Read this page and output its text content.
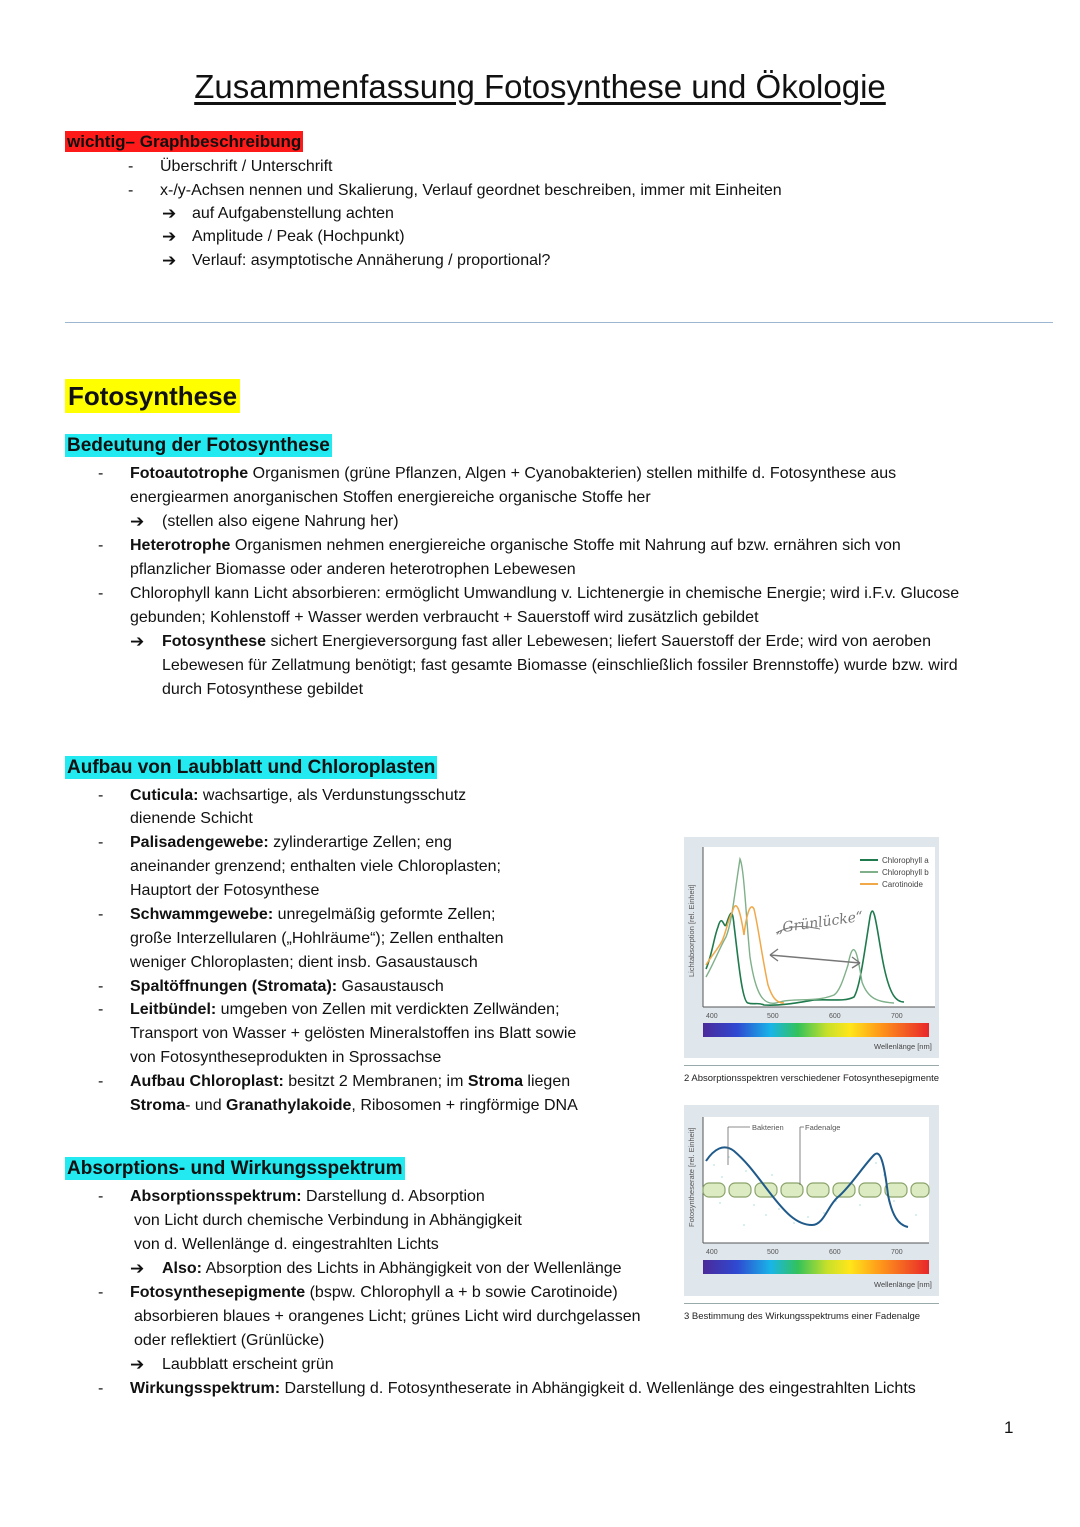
Zusammenfassung Fotosynthese und Ökologie
wichtig– Graphbeschreibung
- Überschrift / Unterschrift
- x-/y-Achsen nennen und Skalierung, Verlauf geordnet beschreiben, immer mit Einheiten
➔ auf Aufgabenstellung achten
➔ Amplitude / Peak (Hochpunkt)
➔ Verlauf: asymptotische Annäherung / proportional?
Fotosynthese
Bedeutung der Fotosynthese
- Fotoautotrophe Organismen (grüne Pflanzen, Algen + Cyanobakterien) stellen mithilfe d. Fotosynthese aus
energiearmen anorganischen Stoffen energiereiche organische Stoffe her
➔ (stellen also eigene Nahrung her)
- Heterotrophe Organismen nehmen energiereiche organische Stoffe mit Nahrung auf bzw. ernähren sich von
pflanzlicher Biomasse oder anderen heterotrophen Lebewesen
- Chlorophyll kann Licht absorbieren: ermöglicht Umwandlung v. Lichtenergie in chemische Energie; wird i.F.v. Glucose
gebunden; Kohlenstoff + Wasser werden verbraucht + Sauerstoff wird zusätzlich gebildet
➔ Fotosynthese sichert Energieversorgung fast aller Lebewesen; liefert Sauerstoff der Erde; wird von aeroben
Lebewesen für Zellatmung benötigt; fast gesamte Biomasse (einschließlich fossiler Brennstoffe) wurde bzw. wird
durch Fotosynthese gebildet
Aufbau von Laubblatt und Chloroplasten
- Cuticula: wachsartige, als Verdunstungsschutz
dienende Schicht
- Palisadengewebe: zylinderartige Zellen; eng
aneinander grenzend; enthalten viele Chloroplasten;
Hauptort der Fotosynthese
- Schwammgewebe: unregelmäßig geformte Zellen;
große Interzellularen („Hohlräume“); Zellen enthalten
weniger Chloroplasten; dient insb. Gasaustausch
- Spaltöffnungen (Stromata): Gasaustausch
- Leitbündel: umgeben von Zellen mit verdickten Zellwänden;
Transport von Wasser + gelösten Mineralstoffen ins Blatt sowie
von Fotosyntheseprodukten in Sprossachse
- Aufbau Chloroplast: besitzt 2 Membranen; im Stroma liegen
Stroma- und Granathylakoide, Ribosomen + ringförmige DNA
Absorptions- und Wirkungsspektrum
- Absorptionsspektrum: Darstellung d. Absorption
von Licht durch chemische Verbindung in Abhängigkeit
von d. Wellenlänge d. eingestrahlten Lichts
➔ Also: Absorption des Lichts in Abhängigkeit von der Wellenlänge
- Fotosynthesepigmente (bspw. Chlorophyll a + b sowie Carotinoide)
absorbieren blaues + orangenes Licht; grünes Licht wird durchgelassen
oder reflektiert (Grünlücke)
➔ Laubblatt erscheint grün
- Wirkungsspektrum: Darstellung d. Fotosyntheserate in Abhängigkeit d. Wellenlänge des eingestrahlten Lichts
Lichtabsorption [rel. Einheit]	„Grünlücke“
Chlorophyll a
Chlorophyll b
Carotinoide
400	500	600	700
Wellenlänge [nm]
2 Absorptionsspektren verschiedener Fotosynthesepigmente
Fotosyntheserate [rel. Einheit]	Bakterien	Fadenalge
400	500	600	700
Wellenlänge [nm]
3 Bestimmung des Wirkungsspektrums einer Fadenalge
1
